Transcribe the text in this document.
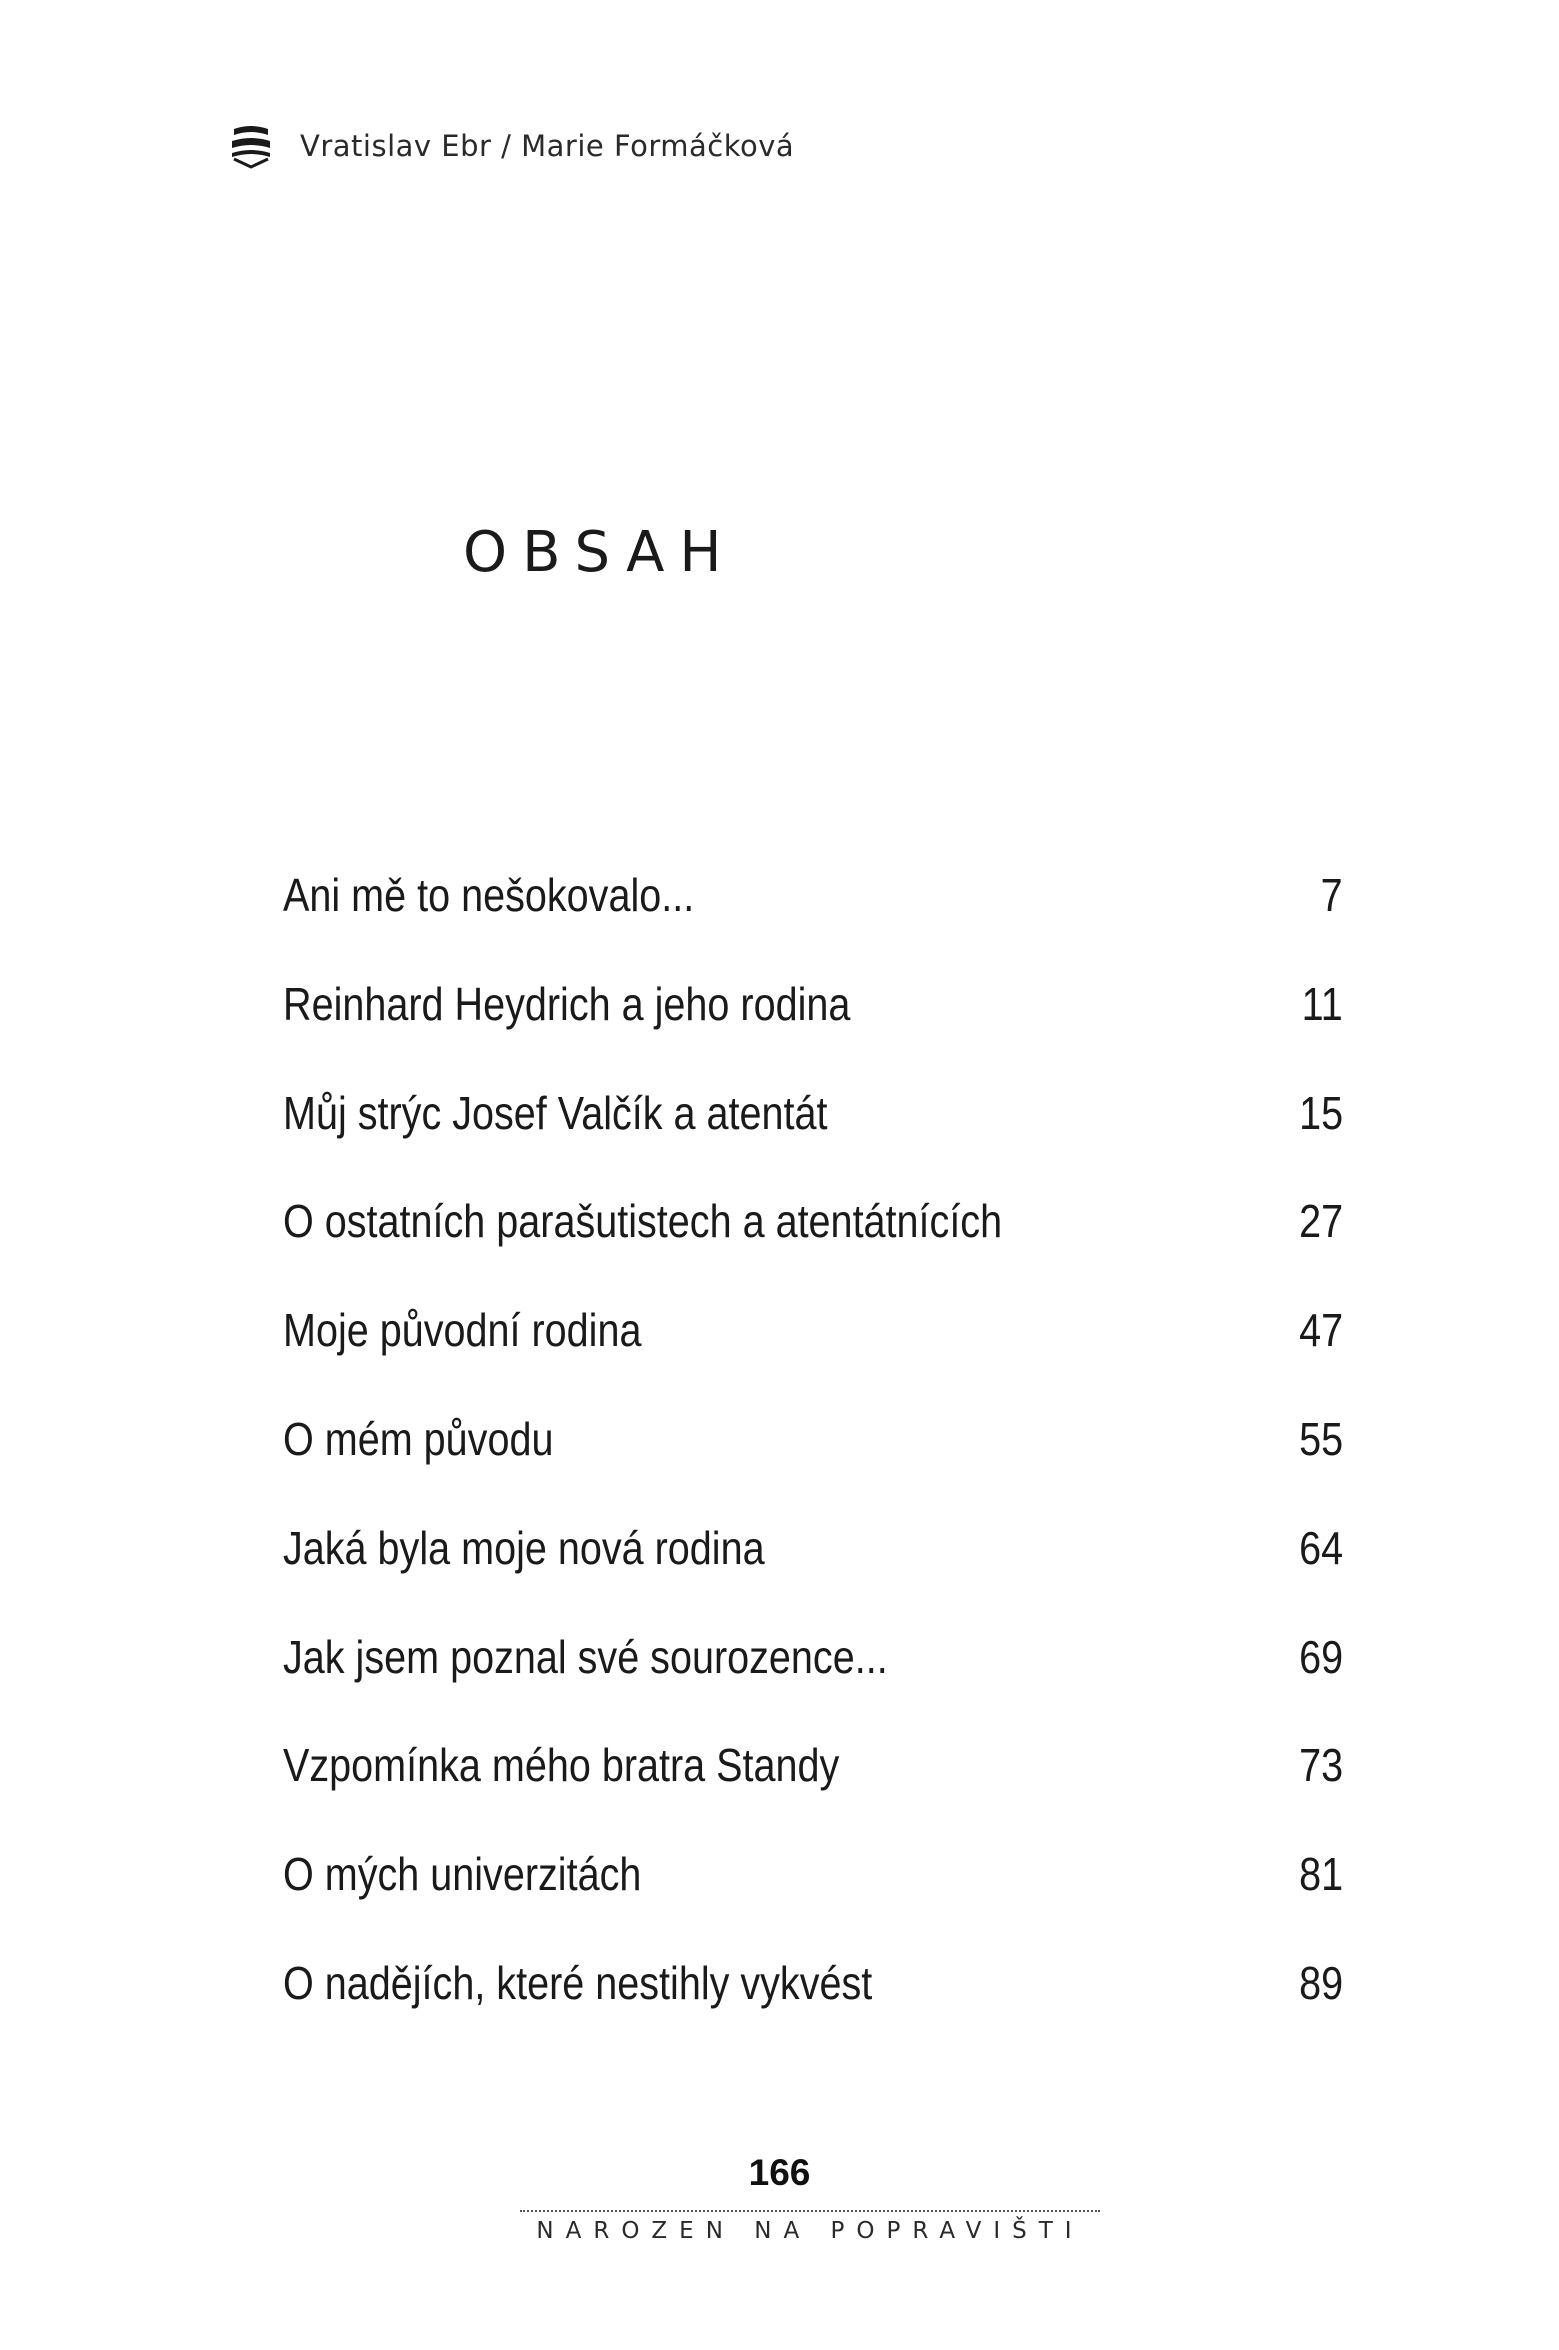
Vratislav Ebr / Marie Formáčková
OBSAH
Ani mě to nešokovalo...	7
Reinhard Heydrich a jeho rodina	11
Můj strýc Josef Valčík a atentát	15
O ostatních parašutistech a atentátnících	27
Moje původní rodina	47
O mém původu	55
Jaká byla moje nová rodina	64
Jak jsem poznal své sourozence...	69
Vzpomínka mého bratra Standy	73
O mých univerzitách	81
O nadějích, které nestihly vykvést	89
166
NAROZEN NA POPRAVIŠTI
